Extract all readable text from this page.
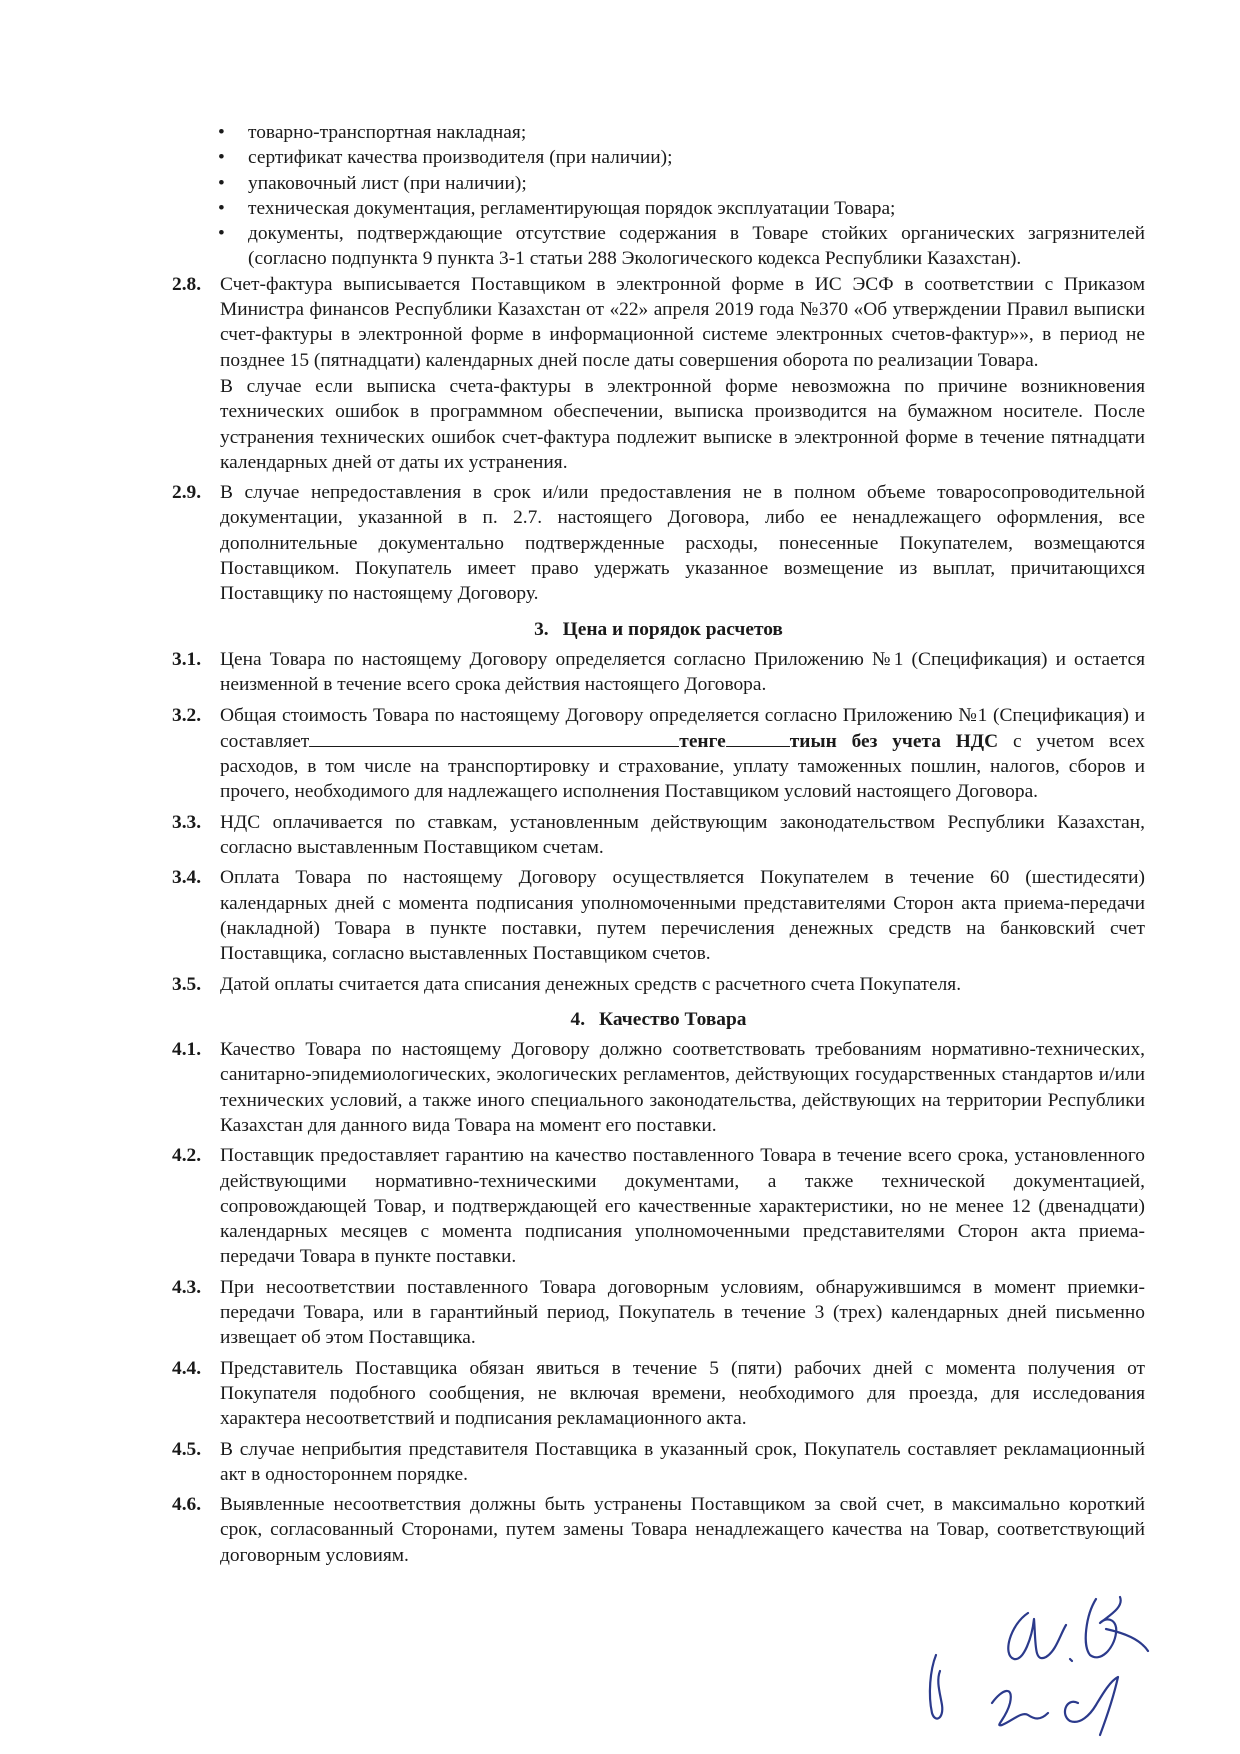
• товарно-транспортная накладная;
• сертификат качества производителя (при наличии);
• упаковочный лист (при наличии);
• техническая документация, регламентирующая порядок эксплуатации Товара;
• документы, подтверждающие отсутствие содержания в Товаре стойких органических загрязнителей (согласно подпункта 9 пункта 3-1 статьи 288 Экологического кодекса Республики Казахстан).
2.8. Счет-фактура выписывается Поставщиком в электронной форме в ИС ЭСФ в соответствии с Приказом Министра финансов Республики Казахстан от «22» апреля 2019 года №370 «Об утверждении Правил выписки счет-фактуры в электронной форме в информационной системе электронных счетов-фактур»», в период не позднее 15 (пятнадцати) календарных дней после даты совершения оборота по реализации Товара.

В случае если выписка счета-фактуры в электронной форме невозможна по причине возникновения технических ошибок в программном обеспечении, выписка производится на бумажном носителе. После устранения технических ошибок счет-фактура подлежит выписке в электронной форме в течение пятнадцати календарных дней от даты их устранения.

2.9. В случае непредоставления в срок и/или предоставления не в полном объеме товаросопроводительной документации, указанной в п. 2.7. настоящего Договора, либо ее ненадлежащего оформления, все дополнительные документально подтвержденные расходы, понесенные Покупателем, возмещаются Поставщиком. Покупатель имеет право удержать указанное возмещение из выплат, причитающихся Поставщику по настоящему Договору.

3. Цена и порядок расчетов
3.1. Цена Товара по настоящему Договору определяется согласно Приложению №1 (Спецификация) и остается неизменной в течение всего срока действия настоящего Договора.

3.2. Общая стоимость Товара по настоящему Договору определяется согласно Приложению №1 (Спецификация) и составляет	тенге	тиын без учета НДС с учетом всех расходов, в том числе на транспортировку и страхование, уплату таможенных пошлин, налогов, сборов и прочего, необходимого для надлежащего исполнения Поставщиком условий настоящего Договора.

3.3. НДС оплачивается по ставкам, установленным действующим законодательством Республики Казахстан, согласно выставленным Поставщиком счетам.

3.4. Оплата Товара по настоящему Договору осуществляется Покупателем в течение 60 (шестидесяти) календарных дней с момента подписания уполномоченными представителями Сторон акта приема-передачи (накладной) Товара в пункте поставки, путем перечисления денежных средств на банковский счет Поставщика, согласно выставленных Поставщиком счетов.

3.5. Датой оплаты считается дата списания денежных средств с расчетного счета Покупателя.

4. Качество Товара
4.1. Качество Товара по настоящему Договору должно соответствовать требованиям нормативно-технических, санитарно-эпидемиологических, экологических регламентов, действующих государственных стандартов и/или технических условий, а также иного специального законодательства, действующих на территории Республики Казахстан для данного вида Товара на момент его поставки.

4.2. Поставщик предоставляет гарантию на качество поставленного Товара в течение всего срока, установленного действующими нормативно-техническими документами, а также технической документацией, сопровождающей Товар, и подтверждающей его качественные характеристики, но не менее 12 (двенадцати) календарных месяцев с момента подписания уполномоченными представителями Сторон акта приема-передачи Товара в пункте поставки.

4.3. При несоответствии поставленного Товара договорным условиям, обнаружившимся в момент приемки-передачи Товара, или в гарантийный период, Покупатель в течение 3 (трех) календарных дней письменно извещает об этом Поставщика.

4.4. Представитель Поставщика обязан явиться в течение 5 (пяти) рабочих дней с момента получения от Покупателя подобного сообщения, не включая времени, необходимого для проезда, для исследования характера несоответствий и подписания рекламационного акта.

4.5. В случае неприбытия представителя Поставщика в указанный срок, Покупатель составляет рекламационный акт в одностороннем порядке.

4.6. Выявленные несоответствия должны быть устранены Поставщиком за свой счет, в максимально короткий срок, согласованный Сторонами, путем замены Товара ненадлежащего качества на Товар, соответствующий договорным условиям.
